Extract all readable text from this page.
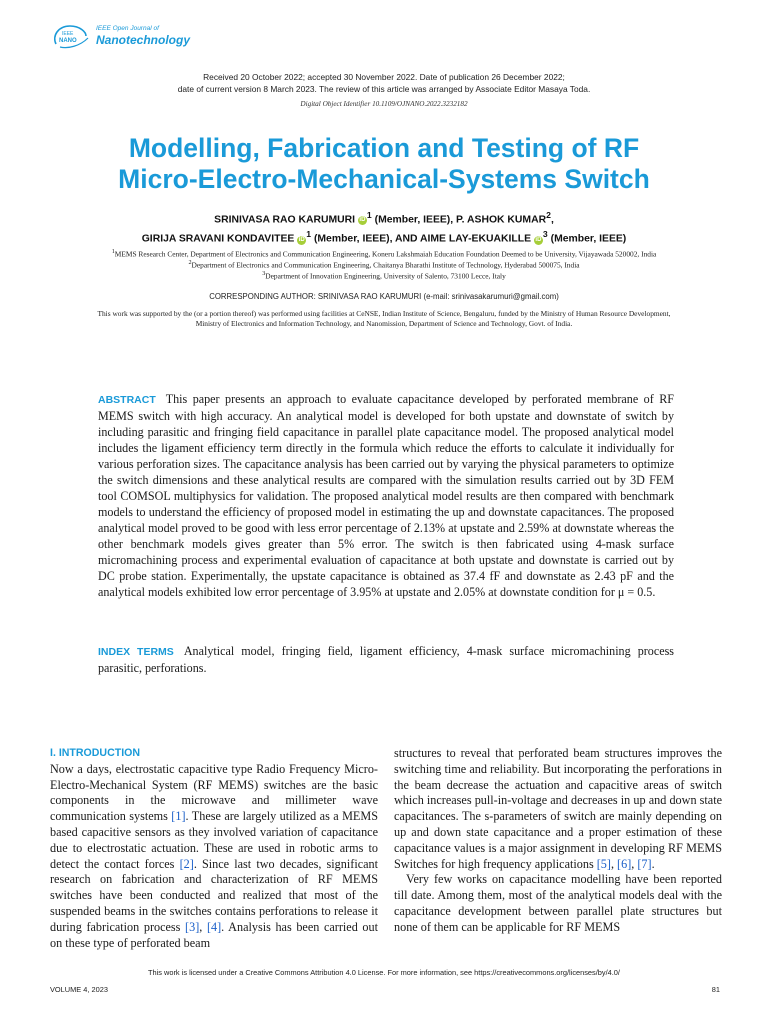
IEEE
NANO
IEEE Open Journal of
Nanotechnology
Received 20 October 2022; accepted 30 November 2022. Date of publication 26 December 2022;
date of current version 8 March 2023. The review of this article was arranged by Associate Editor Masaya Toda.
Digital Object Identifier 10.1109/OJNANO.2022.3232182
Modelling, Fabrication and Testing of RF
Micro-Electro-Mechanical-Systems Switch
SRINIVASA RAO KARUMURI $iD^1$ (Member, IEEE), P. ASHOK KUMAR$^2$,
GIRIJA SRAVANI KONDAVITEE $iD^1$ (Member, IEEE), AND AIME LAY-EKUAKILLE $iD^3$ (Member, IEEE)
$^1$MEMS Research Center, Department of Electronics and Communication Engineering, Koneru Lakshmaiah Education Foundation Deemed to be University, Vijayawada 520002, India
$^2$Department of Electronics and Communication Engineering, Chaitanya Bharathi Institute of Technology, Hyderabad 500075, India
$^3$Department of Innovation Engineering, University of Salento, 73100 Lecce, Italy
CORRESPONDING AUTHOR: SRINIVASA RAO KARUMURI (e-mail: srinivasakarumuri@gmail.com)
This work was supported by the (or a portion thereof) was performed using facilities at CeNSE, Indian Institute of Science, Bengaluru, funded by the Ministry of Human Resource Development, Ministry of Electronics and Information Technology, and Nanomission, Department of Science and Technology, Govt. of India.
ABSTRACT This paper presents an approach to evaluate capacitance developed by perforated membrane of RF MEMS switch with high accuracy. An analytical model is developed for both upstate and downstate of switch by including parasitic and fringing field capacitance in parallel plate capacitance model. The proposed analytical model includes the ligament efficiency term directly in the formula which reduce the efforts to calculate it individually for various perforation sizes. The capacitance analysis has been carried out by varying the physical parameters to optimize the switch dimensions and these analytical results are compared with the simulation results carried out by 3D FEM tool COMSOL multiphysics for validation. The proposed analytical model results are then compared with benchmark models to understand the efficiency of proposed model in estimating the up and downstate capacitances. The proposed analytical model proved to be good with less error percentage of 2.13% at upstate and 2.59% at downstate whereas the other benchmark models gives greater than 5% error. The switch is then fabricated using 4-mask surface micromachining process and experimental evaluation of capacitance at both upstate and downstate is carried out by DC probe station. Experimentally, the upstate capacitance is obtained as 37.4 fF and downstate as 2.43 pF and the analytical models exhibited low error percentage of 3.95% at upstate and 2.05% at downstate condition for μ = 0.5.
INDEX TERMS Analytical model, fringing field, ligament efficiency, 4-mask surface micromachining process parasitic, perforations.
I. INTRODUCTION

Now a days, electrostatic capacitive type Radio Frequency Micro-Electro-Mechanical System (RF MEMS) switches are the basic components in the microwave and millimeter wave communication systems [1]. These are largely utilized as a MEMS based capacitive sensors as they involved variation of capacitance due to electrostatic actuation. These are used in robotic arms to detect the contact forces [2]. Since last two decades, significant research on fabrication and characterization of RF MEMS switches have been conducted and realized that most of the suspended beams in the switches contains perforations to release it during fabrication process [3], [4]. Analysis has been carried out on these type of perforated beam

structures to reveal that perforated beam structures improves the switching time and reliability. But incorporating the perforations in the beam decrease the actuation and capacitive areas of switch which increases pull-in-voltage and decreases in up and down state capacitances. The s-parameters of switch are mainly depending on up and down state capacitance and a proper estimation of these capacitance values is a major assignment in developing RF MEMS Switches for high frequency applications [5], [6], [7].

Very few works on capacitance modelling have been reported till date. Among them, most of the analytical models deal with the capacitance development between parallel plate structures but none of them can be applicable for RF MEMS

This work is licensed under a Creative Commons Attribution 4.0 License. For more information, see https://creativecommons.org/licenses/by/4.0/
VOLUME 4, 2023	81
